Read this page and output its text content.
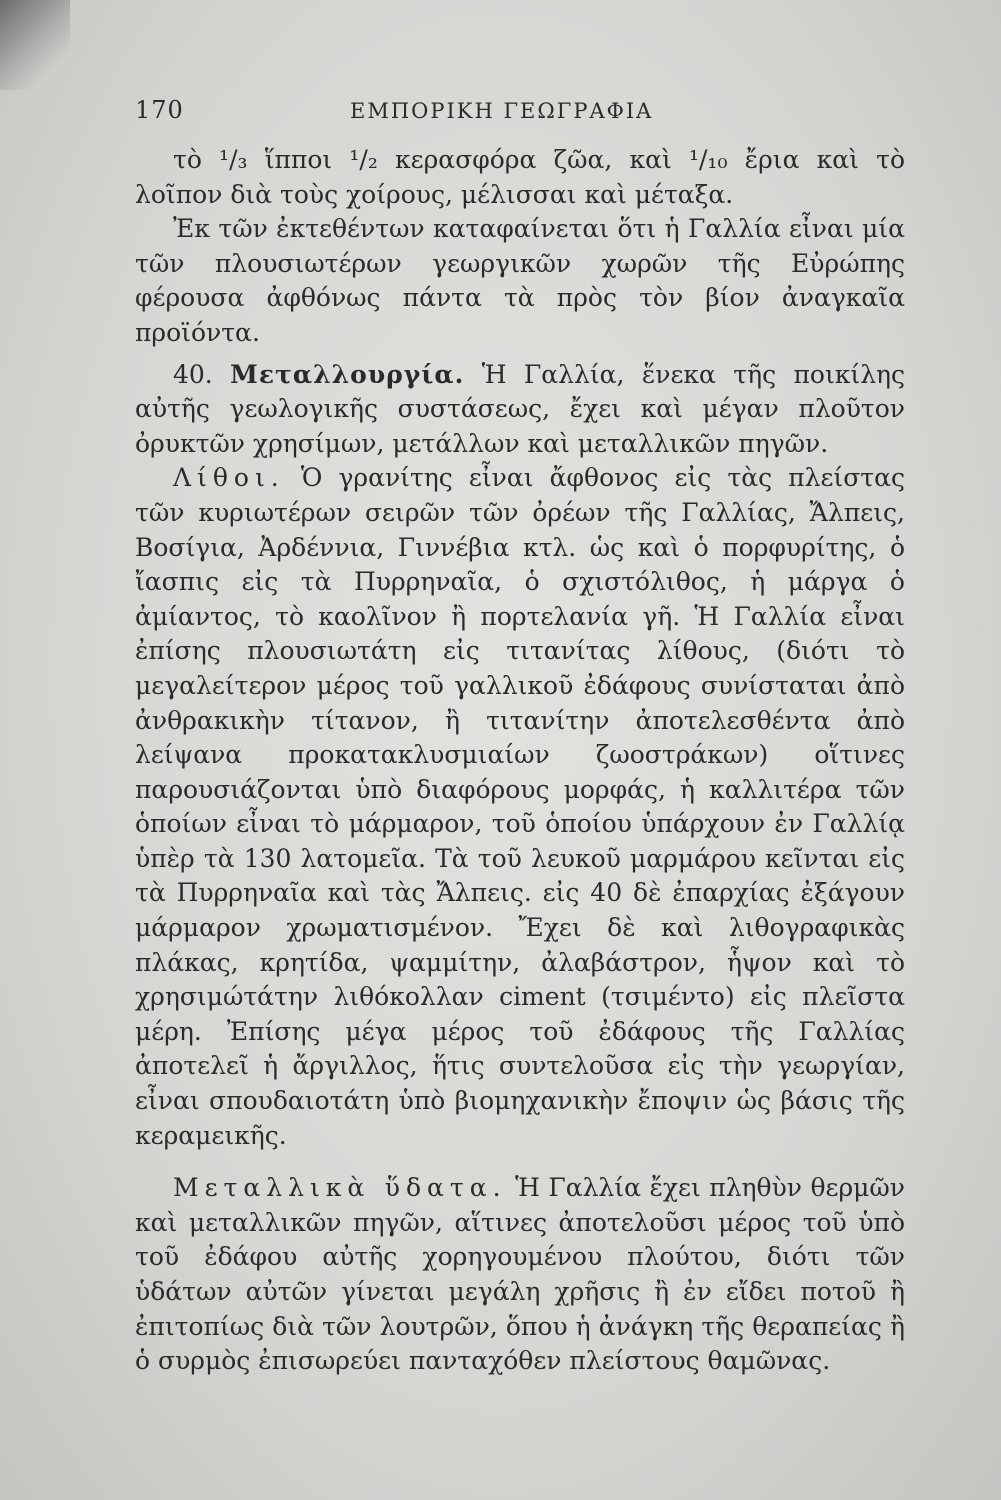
170	ΕΜΠΟΡΙΚΗ ΓΕΩΓΡΑΦΙΑ

τὸ ¹/₃ ἵπποι ¹/₂ κερασφόρα ζῶα, καὶ ¹/₁₀ ἔρια καὶ τὸ λοῖπον διὰ τοὺς χοίρους, μέλισσαι καὶ μέταξα.

Ἐκ τῶν ἐκτεθέντων καταφαίνεται ὅτι ἡ Γαλλία εἶναι μία τῶν πλουσιωτέρων γεωργικῶν χωρῶν τῆς Εὐρώπης φέρουσα ἀφθόνως πάντα τὰ πρὸς τὸν βίον ἀναγκαῖα προϊόντα.

40. Μεταλλουργία. Ἡ Γαλλία, ἕνεκα τῆς ποικίλης αὐτῆς γεωλογικῆς συστάσεως, ἔχει καὶ μέγαν πλοῦτον ὀρυκτῶν χρησίμων, μετάλλων καὶ μεταλλικῶν πηγῶν.

Λίθοι. Ὁ γρανίτης εἶναι ἄφθονος εἰς τὰς πλείστας τῶν κυριωτέρων σειρῶν τῶν ὀρέων τῆς Γαλλίας, Ἄλπεις, Βοσίγια, Ἀρδέννια, Γιννέβια κτλ. ὡς καὶ ὁ πορφυρίτης, ὁ ἴασπις εἰς τὰ Πυρρηναῖα, ὁ σχιστόλιθος, ἡ μάργα ὁ ἀμίαντος, τὸ καολῖνον ἢ πορτελανία γῆ. Ἡ Γαλλία εἶναι ἐπίσης πλουσιωτάτη εἰς τιτανίτας λίθους, (διότι τὸ μεγαλείτερον μέρος τοῦ γαλλικοῦ ἐδάφους συνίσταται ἀπὸ ἀνθρακικὴν τίτανον, ἢ τιτανίτην ἀποτελεσθέντα ἀπὸ λείψανα προκατακλυσμιαίων ζωοστράκων) οἵτινες παρουσιάζονται ὑπὸ διαφόρους μορφάς, ἡ καλλιτέρα τῶν ὁποίων εἶναι τὸ μάρμαρον, τοῦ ὁποίου ὑπάρχουν ἐν Γαλλίᾳ ὑπὲρ τὰ 130 λατομεῖα. Τὰ τοῦ λευκοῦ μαρμάρου κεῖνται εἰς τὰ Πυρρηναῖα καὶ τὰς Ἄλπεις. εἰς 40 δὲ ἐπαρχίας ἐξάγουν μάρμαρον χρωματισμένον. Ἔχει δὲ καὶ λιθογραφικὰς πλάκας, κρητίδα, ψαμμίτην, ἀλαβάστρον, ἧψον καὶ τὸ χρησιμώτάτην λιθόκολλαν ciment (τσιμέντο) εἰς πλεῖστα μέρη. Ἐπίσης μέγα μέρος τοῦ ἐδάφους τῆς Γαλλίας ἀποτελεῖ ἡ ἄργιλλος, ἥτις συντελοῦσα εἰς τὴν γεωργίαν, εἶναι σπουδαιοτάτη ὑπὸ βιομηχανικὴν ἔποψιν ὡς βάσις τῆς κεραμεικῆς.

Μεταλλικὰ ὕδατα. Ἡ Γαλλία ἔχει πληθὺν θερμῶν καὶ μεταλλικῶν πηγῶν, αἵτινες ἀποτελοῦσι μέρος τοῦ ὑπὸ τοῦ ἐδάφου αὐτῆς χορηγουμένου πλούτου, διότι τῶν ὑδάτων αὐτῶν γίνεται μεγάλη χρῆσις ἢ ἐν εἴδει ποτοῦ ἢ ἐπιτοπίως διὰ τῶν λουτρῶν, ὅπου ἡ ἀνάγκη τῆς θεραπείας ἢ ὁ συρμὸς ἐπισωρεύει πανταχόθεν πλείστους θαμῶνας.
